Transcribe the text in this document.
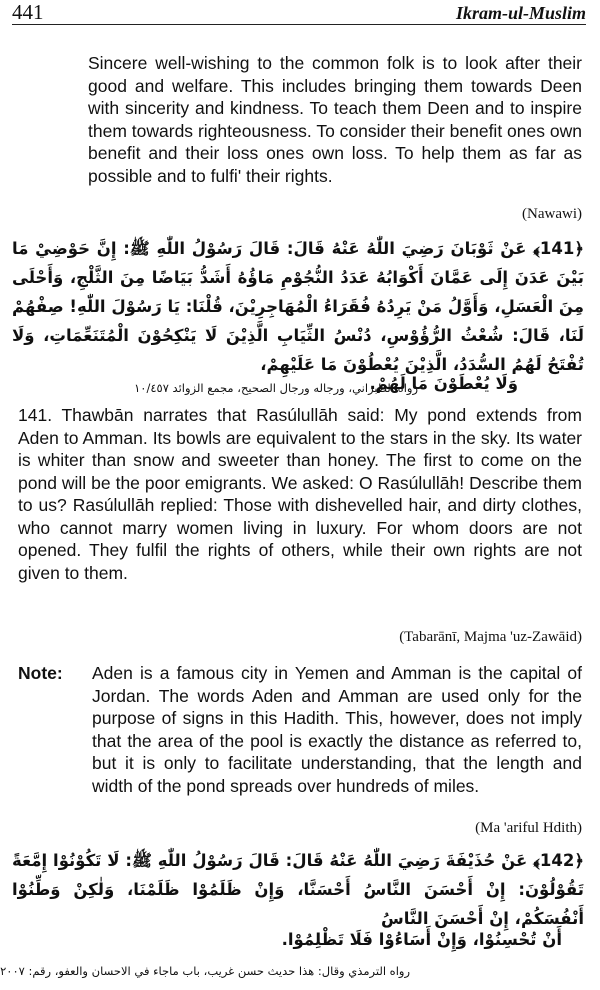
441	Ikram-ul-Muslim

Sincere well-wishing to the common folk is to look after their good and welfare. This includes bringing them towards Deen with sincerity and kindness. To teach them Deen and to inspire them towards righteousness. To consider their benefit ones own benefit and their loss ones own loss. To help them as far as possible and to fulfi' their rights.

(Nawawi)

﴿141﴾ عَنْ ثَوْبَانَ رَضِيَ اللّٰهُ عَنْهُ قَالَ: قَالَ رَسُوْلُ اللّٰهِ ﷺ: إِنَّ حَوْضِيْ مَا بَيْنَ عَدَنَ إِلَى عَمَّانَ أَكْوَابُهُ عَدَدُ النُّجُوْمِ مَاؤُهُ أَشَدُّ بَيَاضًا مِنَ الثَّلْجِ، وَأَحْلَى مِنَ الْعَسَلِ، وَأَوَّلُ مَنْ يَرِدُهُ فُقَرَاءُ الْمُهَاجِرِيْنَ، قُلْنَا: يَا رَسُوْلَ اللّٰهِ! صِفْهُمْ لَنَا، قَالَ: شُعْثُ الرُّؤُوْسِ، دُنْسُ الثِّيَابِ الَّذِيْنَ لَا يَنْكِحُوْنَ الْمُتَنَعِّمَاتِ، وَلَا تُفْتَحُ لَهُمُ السُّدَدُ، الَّذِيْنَ يُعْطُوْنَ مَا عَلَيْهِمْ،

وَلَا يُعْطَوْنَ مَا لَهُمْ.
رواه الطبراني، ورجاله ورجال الصحيح، مجمع الزوائد ١٠/٤٥٧

141. Thawbān narrates that Rasúlullāh said: My pond extends from Aden to Amman. Its bowls are equivalent to the stars in the sky. Its water is whiter than snow and sweeter than honey. The first to come on the pond will be the poor emigrants. We asked: O Rasúlullāh! Describe them to us? Rasúlullāh replied: Those with dishevelled hair, and dirty clothes, who cannot marry women living in luxury. For whom doors are not opened. They fulfil the rights of others, while their own rights are not given to them.

(Tabarānī, Majma 'uz-Zawāid)
Note: Aden is a famous city in Yemen and Amman is the capital of Jordan. The words Aden and Amman are used only for the purpose of signs in this Hadith. This, however, does not imply that the area of the pool is exactly the distance as referred to, but it is only to facilitate understanding, that the length and width of the pond spreads over hundreds of miles.

(Ma 'ariful Hdith)

﴿142﴾ عَنْ حُذَيْفَةَ رَضِيَ اللّٰهُ عَنْهُ قَالَ: قَالَ رَسُوْلُ اللّٰهِ ﷺ: لَا تَكُوْنُوْا إِمَّعَةً تَقُوْلُوْنَ: إِنْ أَحْسَنَ النَّاسُ أَحْسَنَّا، وَإِنْ ظَلَمُوْا ظَلَمْنَا، وَلٰكِنْ وَطِّنُوْا أَنْفُسَكُمْ، إِنْ أَحْسَنَ النَّاسُ

أَنْ تُحْسِنُوْا، وَإِنْ أَسَاءُوْا فَلَا تَظْلِمُوْا.
رواه الترمذي وقال: هذا حديث حسن غريب، باب ماجاء في الاحسان والعفو، رقم: ٢٠٠٧
